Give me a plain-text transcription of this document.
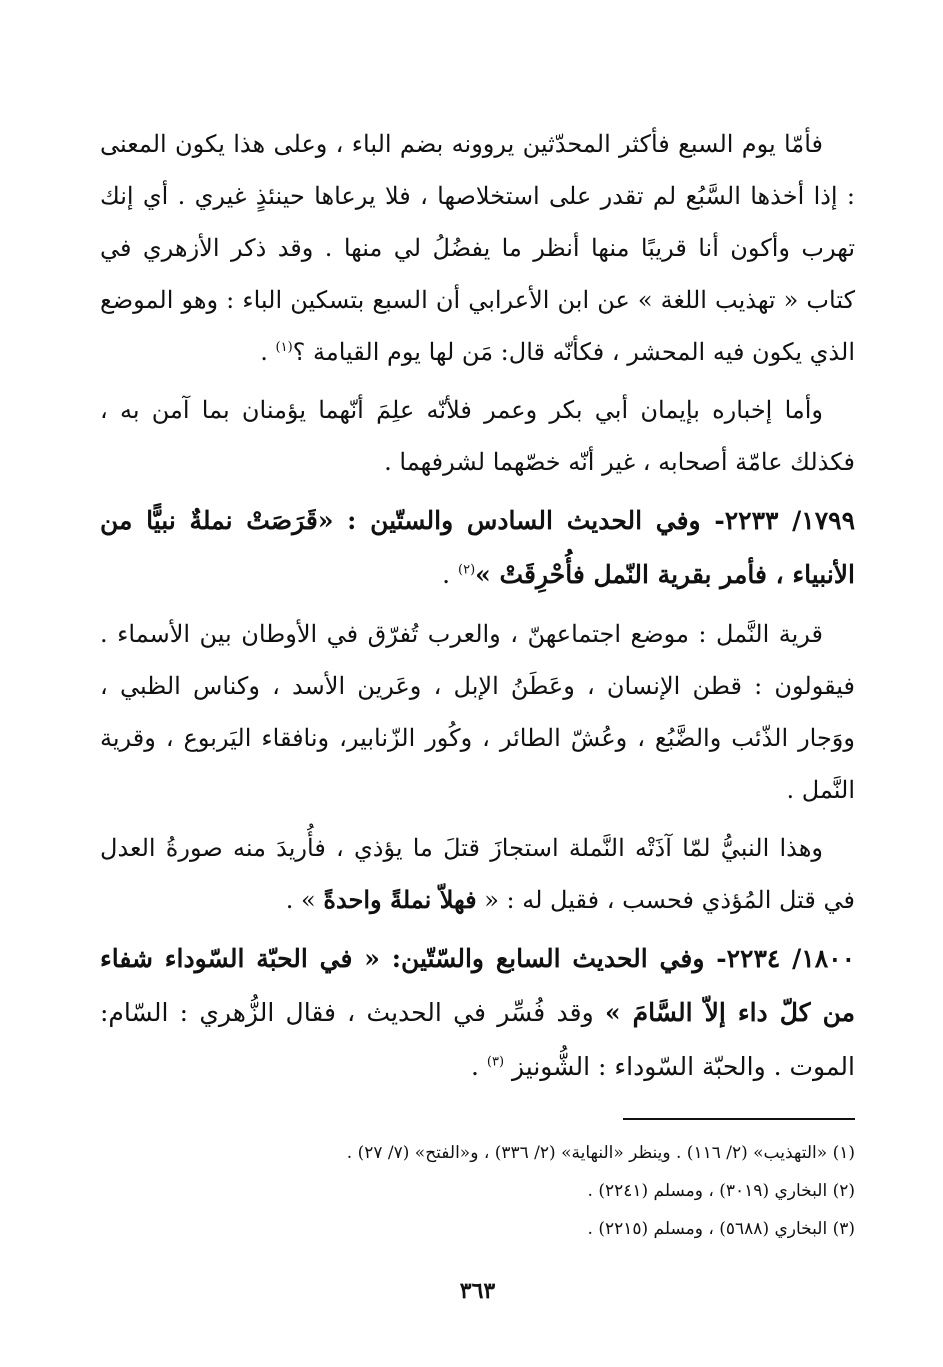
فأمّا يوم السبع فأكثر المحدّثين يروونه بضم الباء ، وعلى هذا يكون المعنى : إذا أخذها السَّبُع لم تقدر على استخلاصها ، فلا يرعاها حينئذٍ غيري . أي إنك تهرب وأكون أنا قريبًا منها أنظر ما يفضُلُ لي منها . وقد ذكر الأزهري في كتاب « تهذيب اللغة » عن ابن الأعرابي أن السبع بتسكين الباء : وهو الموضع الذي يكون فيه المحشر ، فكأنّه قال: مَن لها يوم القيامة ؟$^{(١)}$ .

وأما إخباره بإيمان أبي بكر وعمر فلأنّه علِمَ أنّهما يؤمنان بما آمن به ، فكذلك عامّة أصحابه ، غير أنّه خصّهما لشرفهما .

١٧٩٩/ ٢٢٣٣- وفي الحديث السادس والستّين : «قَرَصَتْ نملةٌ نبيًّا من الأنبياء ، فأمر بقرية النّمل فأُحْرِقَتْ »$^{(٢)}$ .

قرية النَّمل : موضع اجتماعهنّ ، والعرب تُفرّق في الأوطان بين الأسماء . فيقولون : قطن الإنسان ، وعَطَنُ الإبل ، وعَرين الأسد ، وكناس الظبي ، ووَجار الذّئب والضَّبُع ، وعُشّ الطائر ، وكُور الزّنابير، ونافقاء اليَربوع ، وقرية النَّمل .

وهذا النبيُّ لمّا آذَتْه النَّملة استجازَ قتلَ ما يؤذي ، فأُريدَ منه صورةُ العدل في قتل المُؤذي فحسب ، فقيل له : « فهلاّ نملةً واحدةً » .

١٨٠٠/ ٢٢٣٤- وفي الحديث السابع والسّتّين: « في الحبّة السّوداء شفاء من كلّ داء إلاّ السَّامَ » وقد فُسِّر في الحديث ، فقال الزُّهري : السّام: الموت . والحبّة السّوداء : الشُّونيز $^{(٣)}$ .

(١) «التهذيب» (٢/ ١١٦) . وينظر «النهاية» (٢/ ٣٣٦) ، و«الفتح» (٧/ ٢٧) .
(٢) البخاري (٣٠١٩) ، ومسلم (٢٢٤١) .
(٣) البخاري (٥٦٨٨) ، ومسلم (٢٢١٥) .
٣٦٣
